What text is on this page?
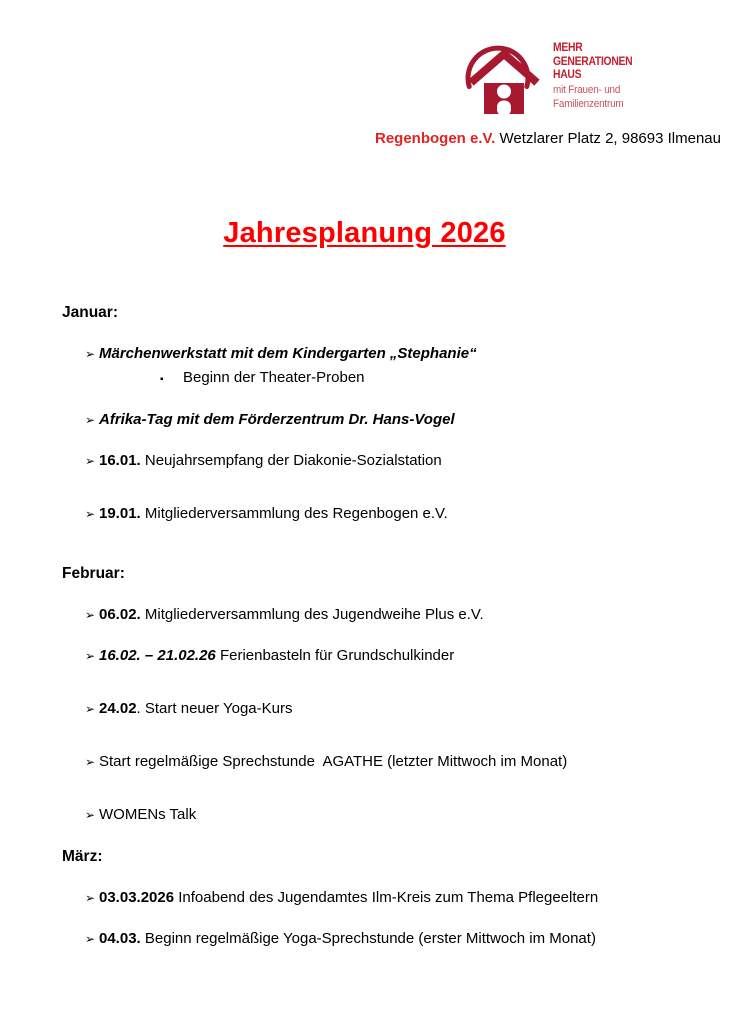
MEHR
GENERATIONEN
HAUS
mit Frauen- und
Familienzentrum
Regenbogen e.V. Wetzlarer Platz 2, 98693 Ilmenau
Jahresplanung 2026
Januar:
➢ Märchenwerkstatt mit dem Kindergarten „Stephanie“
▪	Beginn der Theater-Proben
➢ Afrika-Tag mit dem Förderzentrum Dr. Hans-Vogel
➢ 16.01. Neujahrsempfang der Diakonie-Sozialstation
➢ 19.01. Mitgliederversammlung des Regenbogen e.V.
Februar:
➢ 06.02. Mitgliederversammlung des Jugendweihe Plus e.V.
➢ 16.02. – 21.02.26 Ferienbasteln für Grundschulkinder
➢ 24.02. Start neuer Yoga-Kurs
➢ Start regelmäßige Sprechstunde  AGATHE (letzter Mittwoch im Monat)
➢ WOMENs Talk
März:
➢ 03.03.2026 Infoabend des Jugendamtes Ilm-Kreis zum Thema Pflegeeltern
➢ 04.03. Beginn regelmäßige Yoga-Sprechstunde (erster Mittwoch im Monat)
